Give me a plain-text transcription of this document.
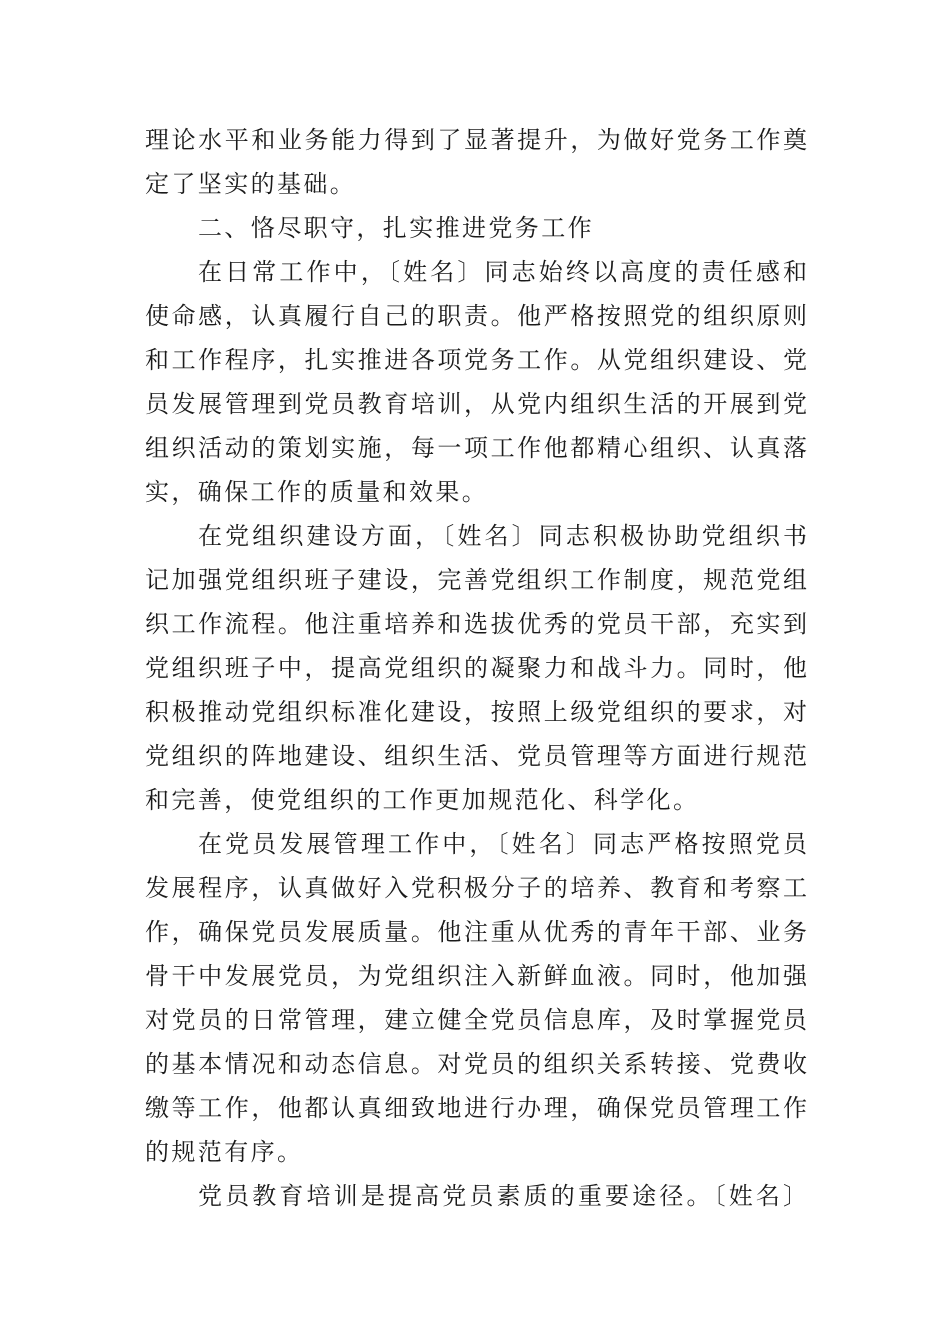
理论水平和业务能力得到了显著提升，为做好党务工作奠
定了坚实的基础。
二、恪尽职守，扎实推进党务工作
在日常工作中，〔姓名〕同志始终以高度的责任感和
使命感，认真履行自己的职责。他严格按照党的组织原则
和工作程序，扎实推进各项党务工作。从党组织建设、党
员发展管理到党员教育培训，从党内组织生活的开展到党
组织活动的策划实施，每一项工作他都精心组织、认真落
实，确保工作的质量和效果。
在党组织建设方面，〔姓名〕同志积极协助党组织书
记加强党组织班子建设，完善党组织工作制度，规范党组
织工作流程。他注重培养和选拔优秀的党员干部，充实到
党组织班子中，提高党组织的凝聚力和战斗力。同时，他
积极推动党组织标准化建设，按照上级党组织的要求，对
党组织的阵地建设、组织生活、党员管理等方面进行规范
和完善，使党组织的工作更加规范化、科学化。
在党员发展管理工作中，〔姓名〕同志严格按照党员
发展程序，认真做好入党积极分子的培养、教育和考察工
作，确保党员发展质量。他注重从优秀的青年干部、业务
骨干中发展党员，为党组织注入新鲜血液。同时，他加强
对党员的日常管理，建立健全党员信息库，及时掌握党员
的基本情况和动态信息。对党员的组织关系转接、党费收
缴等工作，他都认真细致地进行办理，确保党员管理工作
的规范有序。
党员教育培训是提高党员素质的重要途径。〔姓名〕
